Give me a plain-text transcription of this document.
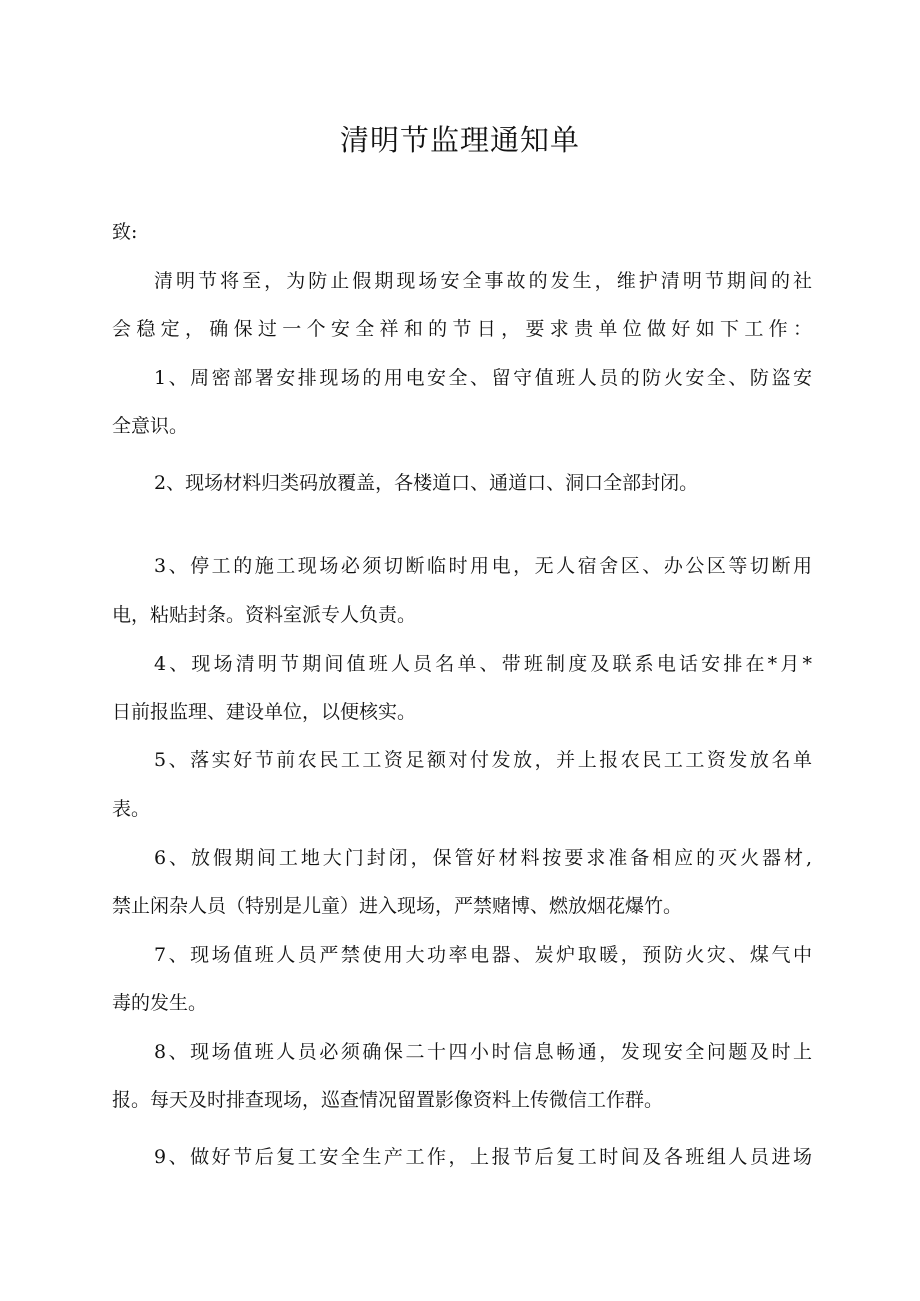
清明节监理通知单
致:
清明节将至，为防止假期现场安全事故的发生，维护清明节期间的社
会稳定，确保过一个安全祥和的节日，要求贵单位做好如下工作：
1、周密部署安排现场的用电安全、留守值班人员的防火安全、防盗安
全意识。
2、现场材料归类码放覆盖，各楼道口、通道口、洞口全部封闭。
3、停工的施工现场必须切断临时用电，无人宿舍区、办公区等切断用
电，粘贴封条。资料室派专人负责。
4、现场清明节期间值班人员名单、带班制度及联系电话安排在*月*
日前报监理、建设单位，以便核实。
5、落实好节前农民工工资足额对付发放，并上报农民工工资发放名单
表。
6、放假期间工地大门封闭，保管好材料按要求准备相应的灭火器材,
禁止闲杂人员（特别是儿童）进入现场，严禁赌博、燃放烟花爆竹。
7、现场值班人员严禁使用大功率电器、炭炉取暖，预防火灾、煤气中
毒的发生。
8、现场值班人员必须确保二十四小时信息畅通，发现安全问题及时上
报。每天及时排查现场，巡查情况留置影像资料上传微信工作群。
9、做好节后复工安全生产工作，上报节后复工时间及各班组人员进场
